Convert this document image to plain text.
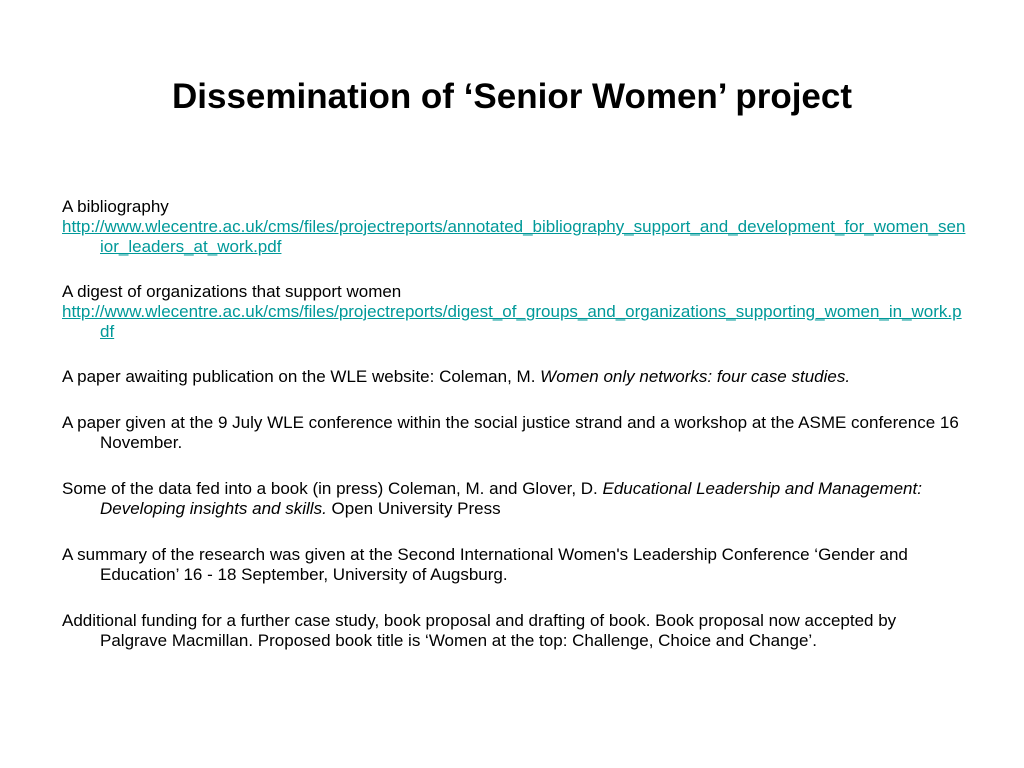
Dissemination of ‘Senior Women’ project

A bibliography

http://www.wlecentre.ac.uk/cms/files/projectreports/annotated_bibliography_support_and_development_for_women_senior_leaders_at_work.pdf

A digest of organizations that support women

http://www.wlecentre.ac.uk/cms/files/projectreports/digest_of_groups_and_organizations_supporting_women_in_work.pdf

A paper awaiting publication on the WLE website: Coleman, M. Women only networks: four case studies.

A paper given at the 9 July WLE conference within the social justice strand and a workshop at the ASME conference 16 November.

Some of the data fed into a book (in press) Coleman, M. and Glover, D. Educational Leadership and Management: Developing insights and skills. Open University Press

A summary of the research was given at the Second International Women's Leadership Conference ‘Gender and Education’ 16 - 18 September, University of Augsburg.

Additional funding for a further case study, book proposal and drafting of book. Book proposal now accepted by Palgrave Macmillan. Proposed book title is ‘Women at the top: Challenge, Choice and Change’.
